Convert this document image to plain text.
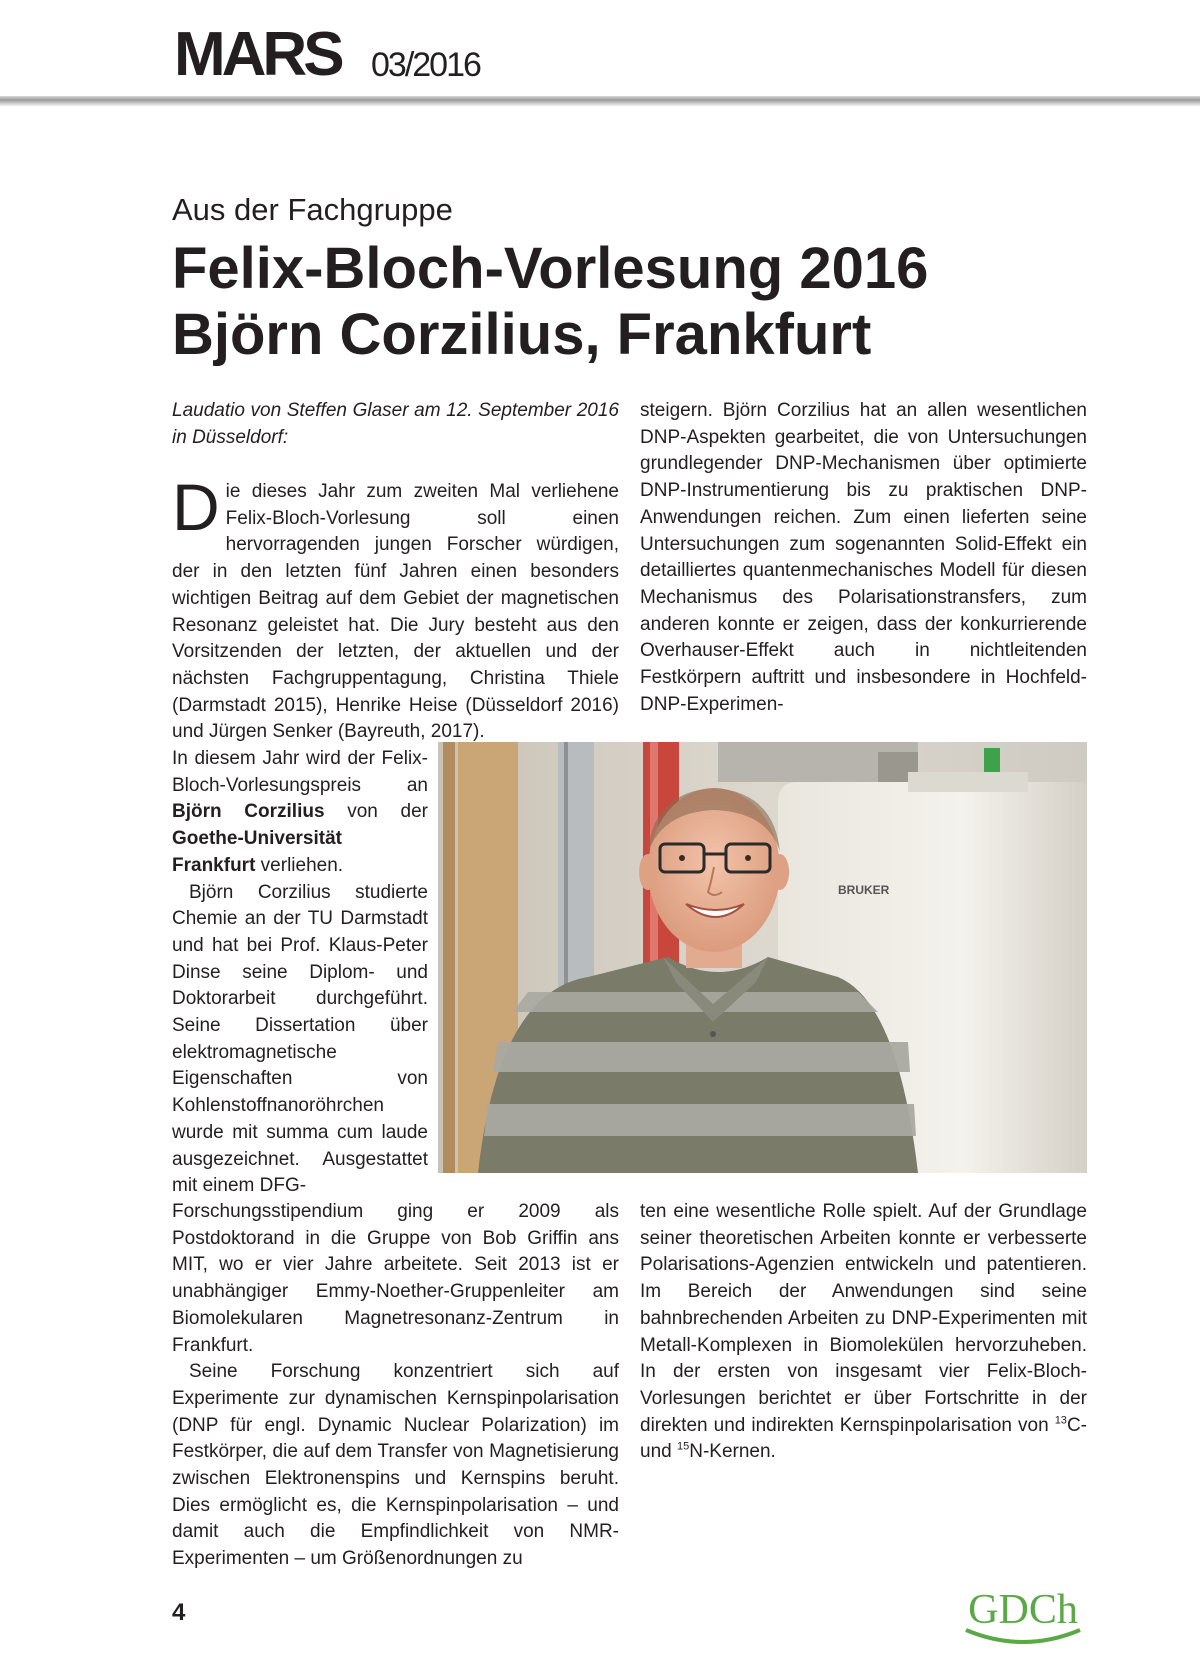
MARS 03/2016
Aus der Fachgruppe
Felix-Bloch-Vorlesung 2016
Björn Corzilius, Frankfurt
Laudatio von Steffen Glaser am 12. September 2016 in Düsseldorf:

Die dieses Jahr zum zweiten Mal verliehene Felix-Bloch-Vorlesung soll einen hervorragenden jungen Forscher würdigen, der in den letzten fünf Jahren einen besonders wichtigen Beitrag auf dem Gebiet der magnetischen Resonanz geleistet hat. Die Jury besteht aus den Vorsitzenden der letzten, der aktuellen und der nächsten Fachgruppentagung, Christina Thiele (Darmstadt 2015), Henrike Heise (Düsseldorf 2016) und Jürgen Senker (Bayreuth, 2017).

In diesem Jahr wird der Felix-Bloch-Vorlesungspreis an Björn Corzilius von der Goethe-Universität Frankfurt verliehen.

Björn Corzilius studierte Chemie an der TU Darmstadt und hat bei Prof. Klaus-Peter Dinse seine Diplom- und Doktorarbeit durchgeführt. Seine Dissertation über elektromagnetische Eigenschaften von Kohlenstoffnanoröhrchen wurde mit summa cum laude ausgezeichnet. Ausgestattet mit einem DFG-

Forschungsstipendium ging er 2009 als Postdoktorand in die Gruppe von Bob Griffin ans MIT, wo er vier Jahre arbeitete. Seit 2013 ist er unabhängiger Emmy-Noether-Gruppenleiter am Biomolekularen Magnetresonanz-Zentrum in Frankfurt.

Seine Forschung konzentriert sich auf Experimente zur dynamischen Kernspinpolarisation (DNP für engl. Dynamic Nuclear Polarization) im Festkörper, die auf dem Transfer von Magnetisierung zwischen Elektronenspins und Kernspins beruht. Dies ermöglicht es, die Kernspinpolarisation – und damit auch die Empfindlichkeit von NMR-Experimenten – um Größenordnungen zu

steigern. Björn Corzilius hat an allen wesentlichen DNP-Aspekten gearbeitet, die von Untersuchungen grundlegender DNP-Mechanismen über optimierte DNP-Instrumentierung bis zu praktischen DNP-Anwendungen reichen. Zum einen lieferten seine Untersuchungen zum sogenannten Solid-Effekt ein detailliertes quantenmechanisches Modell für diesen Mechanismus des Polarisationstransfers, zum anderen konnte er zeigen, dass der konkurrierende Overhauser-Effekt auch in nichtleitenden Festkörpern auftritt und insbesondere in Hochfeld-DNP-Experimen-

BRUKER

ten eine wesentliche Rolle spielt. Auf der Grundlage seiner theoretischen Arbeiten konnte er verbesserte Polarisations-Agenzien entwickeln und patentieren. Im Bereich der Anwendungen sind seine bahnbrechenden Arbeiten zu DNP-Experimenten mit Metall-Komplexen in Biomolekülen hervorzuheben. In der ersten von insgesamt vier Felix-Bloch-Vorlesungen berichtet er über Fortschritte in der direkten und indirekten Kernspinpolarisation von $^{13}$C- und $^{15}$N-Kernen.

4	GDCh
